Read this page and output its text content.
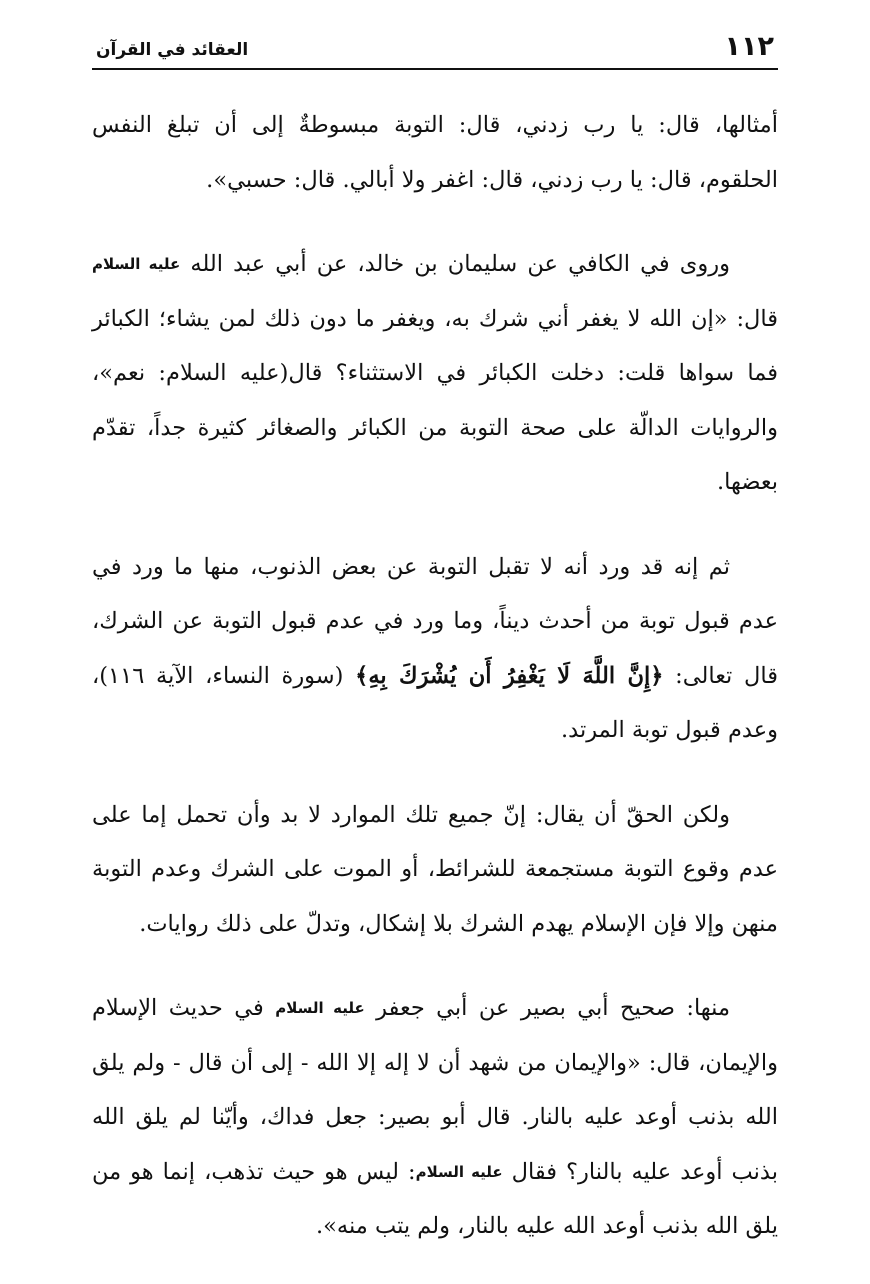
١١٢
العقائد في القرآن

أمثالها، قال: يا رب زدني، قال: التوبة مبسوطةٌ إلى أن تبلغ النفس الحلقوم، قال: يا رب زدني، قال: اغفر ولا أبالي. قال: حسبي».

وروى في الكافي عن سليمان بن خالد، عن أبي عبد الله عليه السلام قال: «إن الله لا يغفر أني شرك به، ويغفر ما دون ذلك لمن يشاء؛ الكبائر فما سواها قلت: دخلت الكبائر في الاستثناء؟ قال(عليه السلام: نعم»، والروايات الدالّة على صحة التوبة من الكبائر والصغائر كثيرة جداً، تقدّم بعضها.

ثم إنه قد ورد أنه لا تقبل التوبة عن بعض الذنوب، منها ما ورد في عدم قبول توبة من أحدث ديناً، وما ورد في عدم قبول التوبة عن الشرك، قال تعالى: ﴿إِنَّ اللَّهَ لَا يَغْفِرُ أَن يُشْرَكَ بِهِ﴾ (سورة النساء، الآية ١١٦)، وعدم قبول توبة المرتد.

ولكن الحقّ أن يقال: إنّ جميع تلك الموارد لا بد وأن تحمل إما على عدم وقوع التوبة مستجمعة للشرائط، أو الموت على الشرك وعدم التوبة منهن وإلا فإن الإسلام يهدم الشرك بلا إشكال، وتدلّ على ذلك روايات.

منها: صحيح أبي بصير عن أبي جعفر عليه السلام في حديث الإسلام والإيمان، قال: «والإيمان من شهد أن لا إله إلا الله - إلى أن قال - ولم يلق الله بذنب أوعد عليه بالنار. قال أبو بصير: جعل فداك، وأيّنا لم يلق الله بذنب أوعد عليه بالنار؟ فقال عليه السلام: ليس هو حيث تذهب، إنما هو من يلق الله بذنب أوعد الله عليه بالنار، ولم يتب منه».
